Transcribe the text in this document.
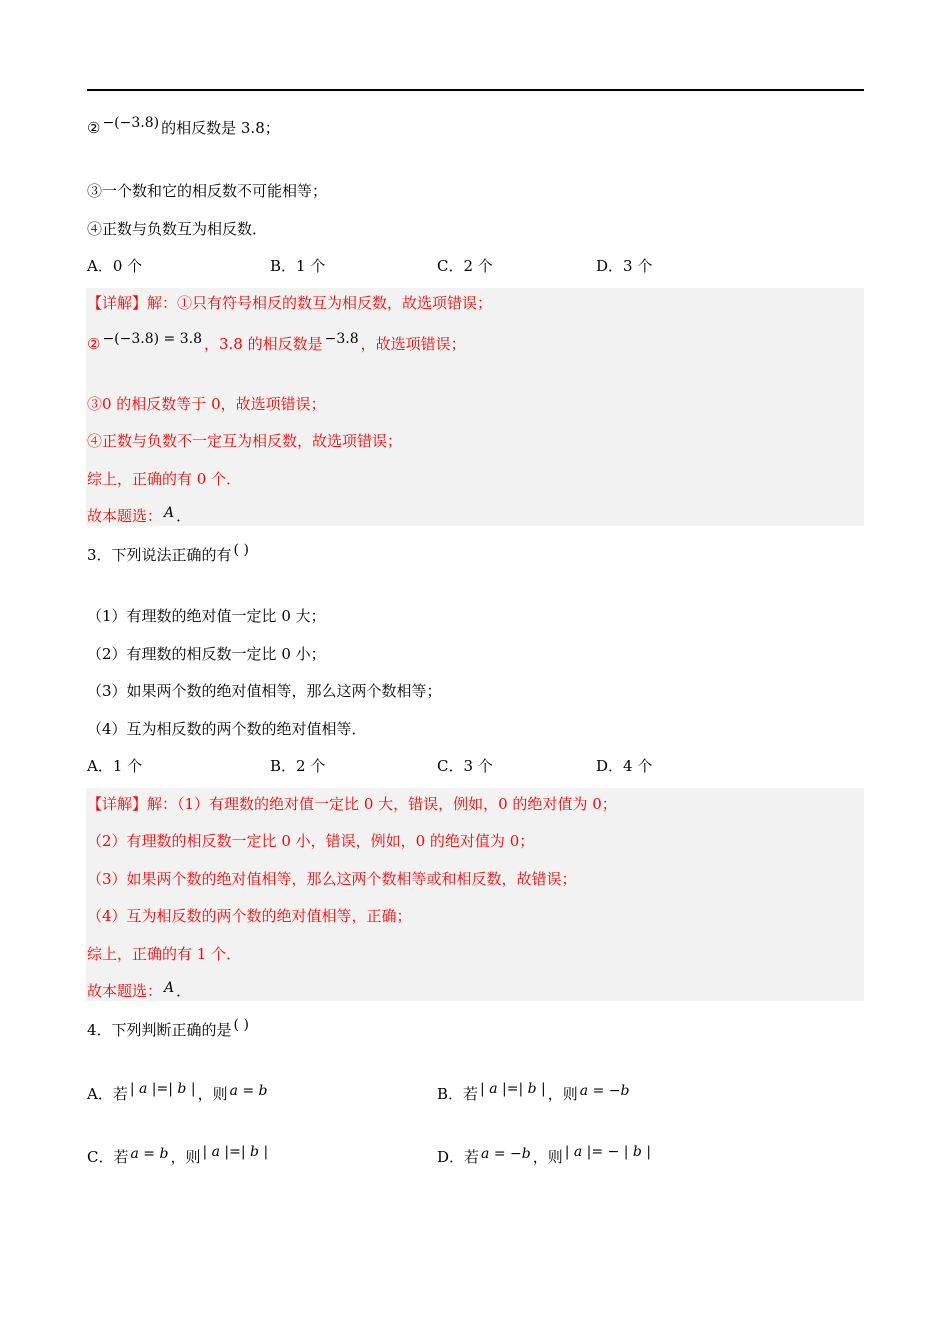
② −(−3.8) 的相反数是 3.8；
③一个数和它的相反数不可能相等；
④正数与负数互为相反数．
A．0 个	B．1 个	C．2 个	D．3 个
【详解】解：①只有符号相反的数互为相反数，故选项错误；
② −(−3.8) = 3.8 ，3.8 的相反数是 −3.8 ，故选项错误；
③0 的相反数等于 0，故选项错误；
④正数与负数不一定互为相反数，故选项错误；
综上，正确的有 0 个．
故本题选： A ．
3．下列说法正确的有 ( )
（1）有理数的绝对值一定比 0 大；
（2）有理数的相反数一定比 0 小；
（3）如果两个数的绝对值相等，那么这两个数相等；
（4）互为相反数的两个数的绝对值相等．
A．1 个	B．2 个	C．3 个	D．4 个
【详解】解：（1）有理数的绝对值一定比 0 大，错误，例如，0 的绝对值为 0；
（2）有理数的相反数一定比 0 小，错误，例如，0 的绝对值为 0；
（3）如果两个数的绝对值相等，那么这两个数相等或和相反数，故错误；
（4）互为相反数的两个数的绝对值相等，正确；
综上，正确的有 1 个．
故本题选： A ．
4．下列判断正确的是 ( )
A．若 | a |=| b | ，则 a = b	B．若 | a |=| b | ，则 a = −b
C．若 a = b ，则 | a |=| b |	D．若 a = −b ，则 | a |= − | b |
